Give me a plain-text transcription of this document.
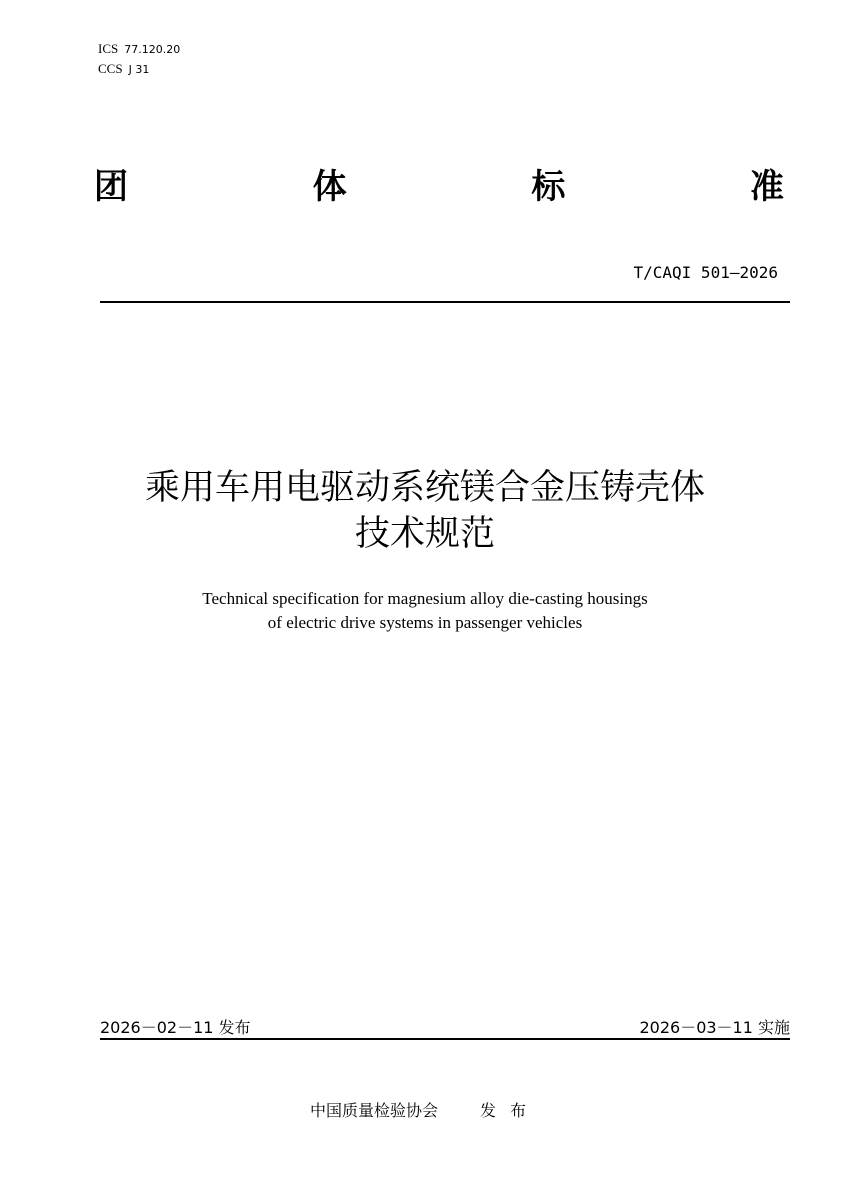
ICS 77.120.20
CCS J 31
团	体	标	准
T/CAQI 501—2026
乘用车用电驱动系统镁合金压铸壳体
技术规范
Technical specification for magnesium alloy die-casting housings
of electric drive systems in passenger vehicles
2026－02－11 发布	2026－03－11 实施
中国质量检验协会	发布
